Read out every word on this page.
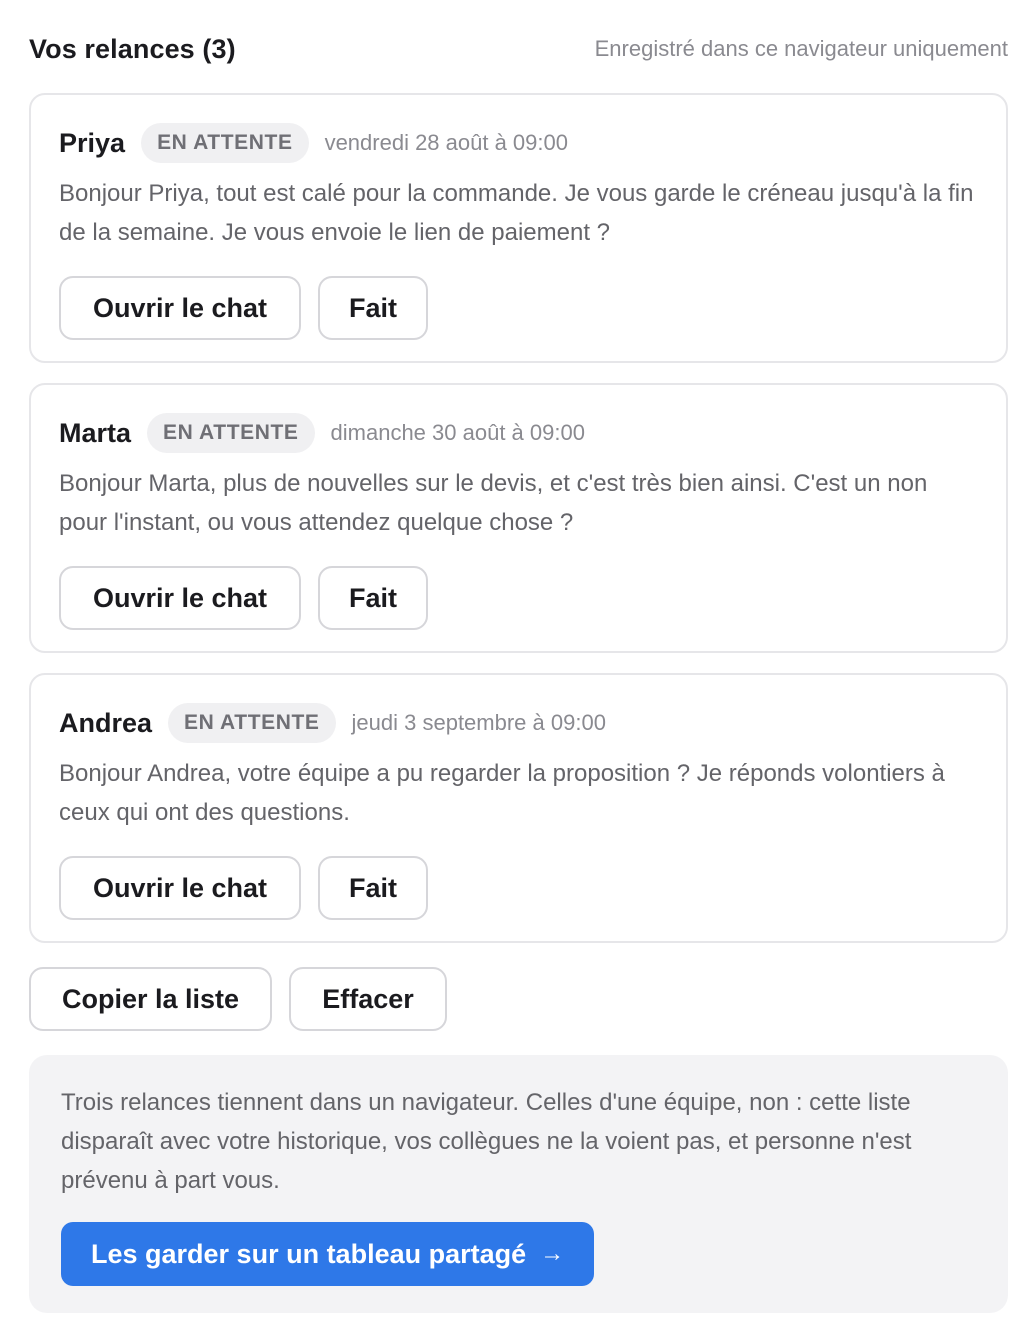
Vos relances (3)	Enregistré dans ce navigateur uniquement
Priya	EN ATTENTE	vendredi 28 août à 09:00

Bonjour Priya, tout est calé pour la commande. Je vous garde le créneau jusqu'à la fin de la semaine. Je vous envoie le lien de paiement ?

Ouvrir le chat	Fait
Marta	EN ATTENTE	dimanche 30 août à 09:00

Bonjour Marta, plus de nouvelles sur le devis, et c'est très bien ainsi. C'est un non pour l'instant, ou vous attendez quelque chose ?

Ouvrir le chat	Fait
Andrea	EN ATTENTE	jeudi 3 septembre à 09:00

Bonjour Andrea, votre équipe a pu regarder la proposition ? Je réponds volontiers à ceux qui ont des questions.

Ouvrir le chat	Fait
Copier la liste	Effacer

Trois relances tiennent dans un navigateur. Celles d'une équipe, non : cette liste disparaît avec votre historique, vos collègues ne la voient pas, et personne n'est prévenu à part vous.

Les garder sur un tableau partagé →
